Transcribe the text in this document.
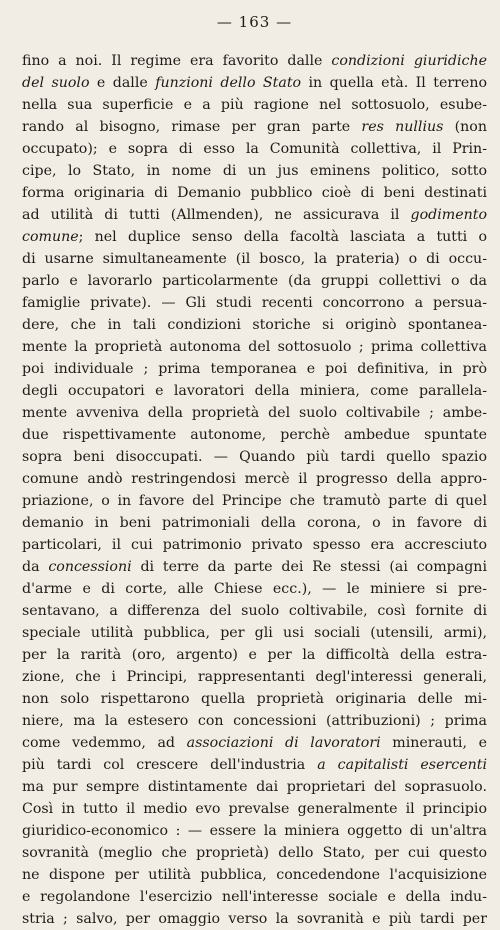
— 163 —
fino a noi. Il regime era favorito dalle condizioni giuridiche
del suolo e dalle funzioni dello Stato in quella età. Il terreno
nella sua superficie e a più ragione nel sottosuolo, esube-
rando al bisogno, rimase per gran parte res nullius (non
occupato); e sopra di esso la Comunità collettiva, il Prin-
cipe, lo Stato, in nome di un jus eminens politico, sotto
forma originaria di Demanio pubblico cioè di beni destinati
ad utilità di tutti (Allmenden), ne assicurava il godimento
comune; nel duplice senso della facoltà lasciata a tutti o
di usarne simultaneamente (il bosco, la prateria) o di occu-
parlo e lavorarlo particolarmente (da gruppi collettivi o da
famiglie private). — Gli studi recenti concorrono a persua-
dere, che in tali condizioni storiche si originò spontanea-
mente la proprietà autonoma del sottosuolo ; prima collettiva
poi individuale ; prima temporanea e poi definitiva, in prò
degli occupatori e lavoratori della miniera, come parallela-
mente avveniva della proprietà del suolo coltivabile ; ambe-
due rispettivamente autonome, perchè ambedue spuntate
sopra beni disoccupati. — Quando più tardi quello spazio
comune andò restringendosi mercè il progresso della appro-
priazione, o in favore del Principe che tramutò parte di quel
demanio in beni patrimoniali della corona, o in favore di
particolari, il cui patrimonio privato spesso era accresciuto
da concessioni di terre da parte dei Re stessi (ai compagni
d'arme e di corte, alle Chiese ecc.), — le miniere si pre-
sentavano, a differenza del suolo coltivabile, così fornite di
speciale utilità pubblica, per gli usi sociali (utensili, armi),
per la rarità (oro, argento) e per la difficoltà della estra-
zione, che i Principi, rappresentanti degl'interessi generali,
non solo rispettarono quella proprietà originaria delle mi-
niere, ma la estesero con concessioni (attribuzioni) ; prima
come vedemmo, ad associazioni di lavoratori minerauti, e
più tardi col crescere dell'industria a capitalisti esercenti
ma pur sempre distintamente dai proprietari del soprasuolo.
Così in tutto il medio evo prevalse generalmente il principio
giuridico-economico : — essere la miniera oggetto di un'altra
sovranità (meglio che proprietà) dello Stato, per cui questo
ne dispone per utilità pubblica, concedendone l'acquisizione
e regolandone l'esercizio nell'interesse sociale e della indu-
stria ; salvo, per omaggio verso la sovranità e più tardi per
